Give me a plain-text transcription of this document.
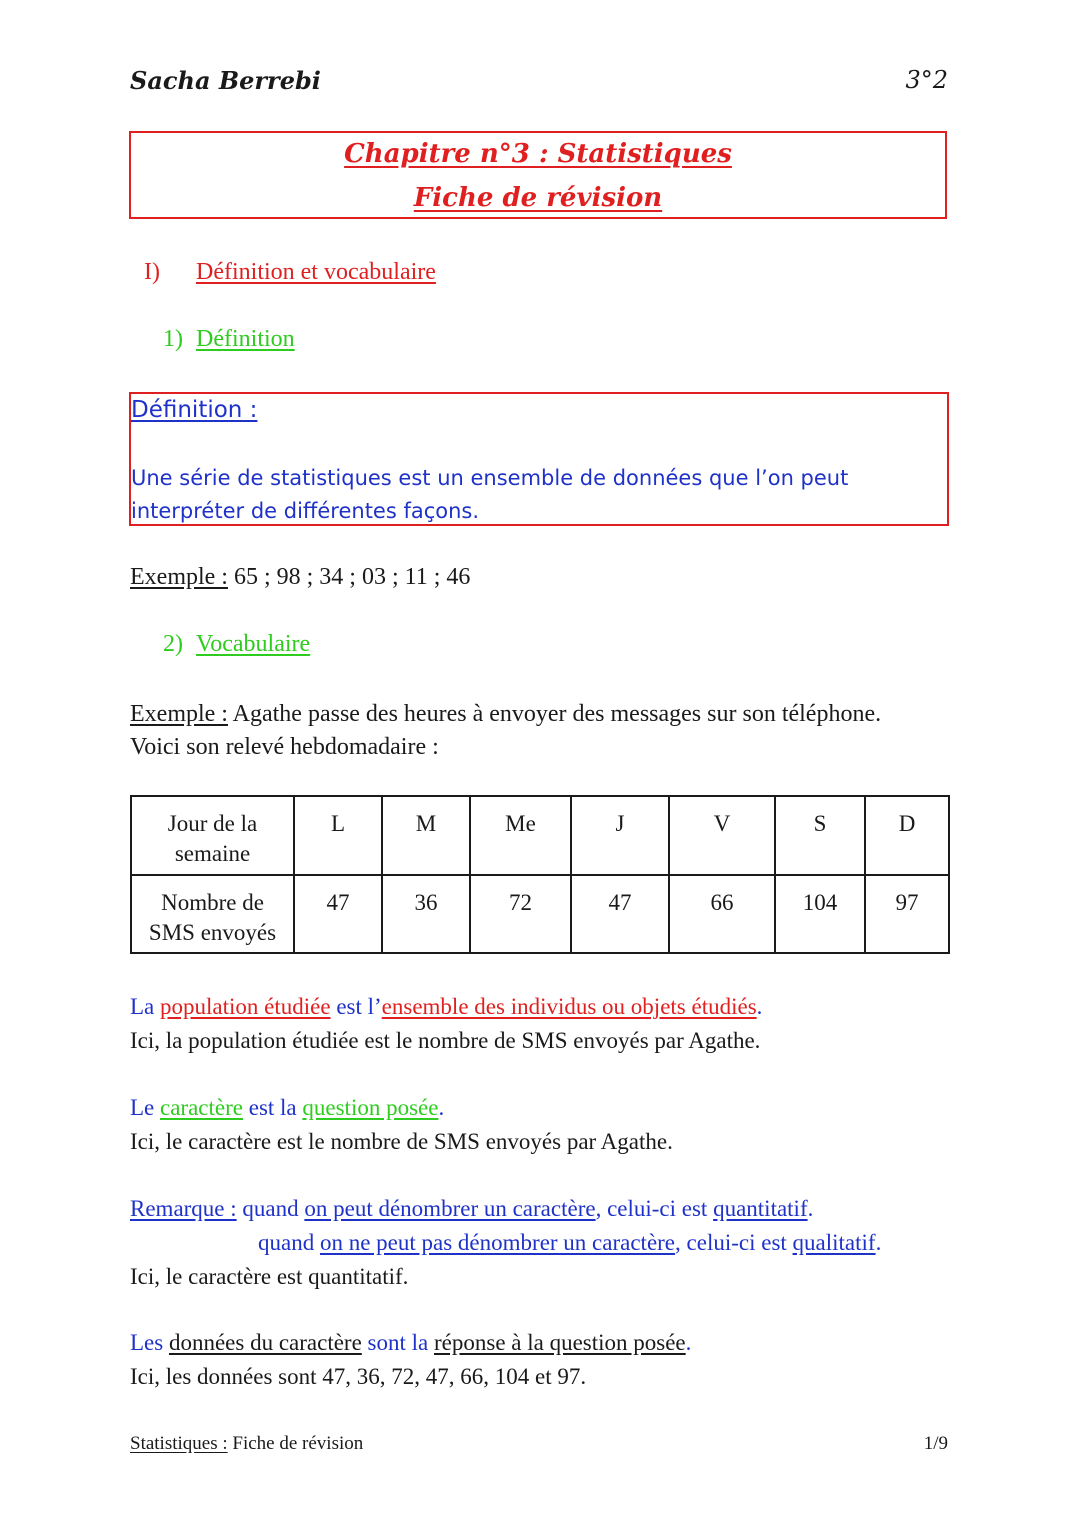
Sacha Berrebi	3°2
Chapitre n°3 : Statistiques
Fiche de révision
I) Définition et vocabulaire
1) Définition
Définition :
Une série de statistiques est un ensemble de données que l’on peut interpréter de différentes façons.
Exemple : 65 ; 98 ; 34 ; 03 ; 11 ; 46
2) Vocabulaire
Exemple : Agathe passe des heures à envoyer des messages sur son téléphone.
Voici son relevé hebdomadaire :
Jour de la semaine	L	M	Me	J	V	S	D
Nombre de SMS envoyés	47	36	72	47	66	104	97
La population étudiée est l’ensemble des individus ou objets étudiés.
Ici, la population étudiée est le nombre de SMS envoyés par Agathe.
Le caractère est la question posée.
Ici, le caractère est le nombre de SMS envoyés par Agathe.
Remarque : quand on peut dénombrer un caractère, celui-ci est quantitatif.
quand on ne peut pas dénombrer un caractère, celui-ci est qualitatif.
Ici, le caractère est quantitatif.
Les données du caractère sont la réponse à la question posée.
Ici, les données sont 47, 36, 72, 47, 66, 104 et 97.
Statistiques : Fiche de révision	1/9
